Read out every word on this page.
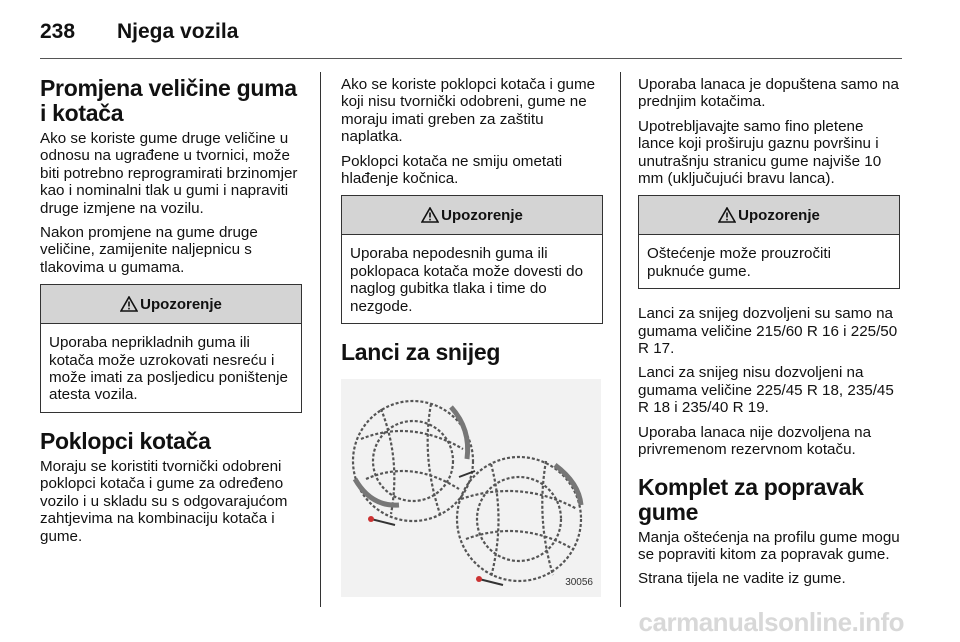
238 Njega vozila
Promjena veličine guma i kotača

Ako se koriste gume druge veličine u odnosu na ugrađene u tvornici, može biti potrebno reprogramirati brzinomjer kao i nominalni tlak u gumi i napraviti druge izmjene na vozilu.

Nakon promjene na gume druge veličine, zamijenite naljepnicu s tlakovima u gumama.

Upozorenje
Uporaba neprikladnih guma ili kotača može uzrokovati nesreću i može imati za posljedicu poništenje atesta vozila.
Poklopci kotača

Moraju se koristiti tvornički odobreni poklopci kotača i gume za određeno vozilo i u skladu su s odgovarajućom zahtjevima na kombinaciju kotača i gume.

Ako se koriste poklopci kotača i gume koji nisu tvornički odobreni, gume ne moraju imati greben za zaštitu naplatka.

Poklopci kotača ne smiju ometati hlađenje kočnica.

Upozorenje
Uporaba nepodesnih guma ili poklopaca kotača može dovesti do naglog gubitka tlaka i time do nezgode.
Lanci za snijeg
30056

Uporaba lanaca je dopuštena samo na prednjim kotačima.

Upotrebljavajte samo fino pletene lance koji proširuju gaznu površinu i unutrašnju stranicu gume najviše 10 mm (uključujući bravu lanca).

Upozorenje
Oštećenje može prouzročiti puknuće gume.

Lanci za snijeg dozvoljeni su samo na gumama veličine 215/60 R 16 i 225/50 R 17.

Lanci za snijeg nisu dozvoljeni na gumama veličine 225/45 R 18, 235/45 R 18 i 235/40 R 19.

Uporaba lanaca nije dozvoljena na privremenom rezervnom kotaču.

Komplet za popravak gume

Manja oštećenja na profilu gume mogu se popraviti kitom za popravak gume.

Strana tijela ne vadite iz gume.

carmanualsonline.info
